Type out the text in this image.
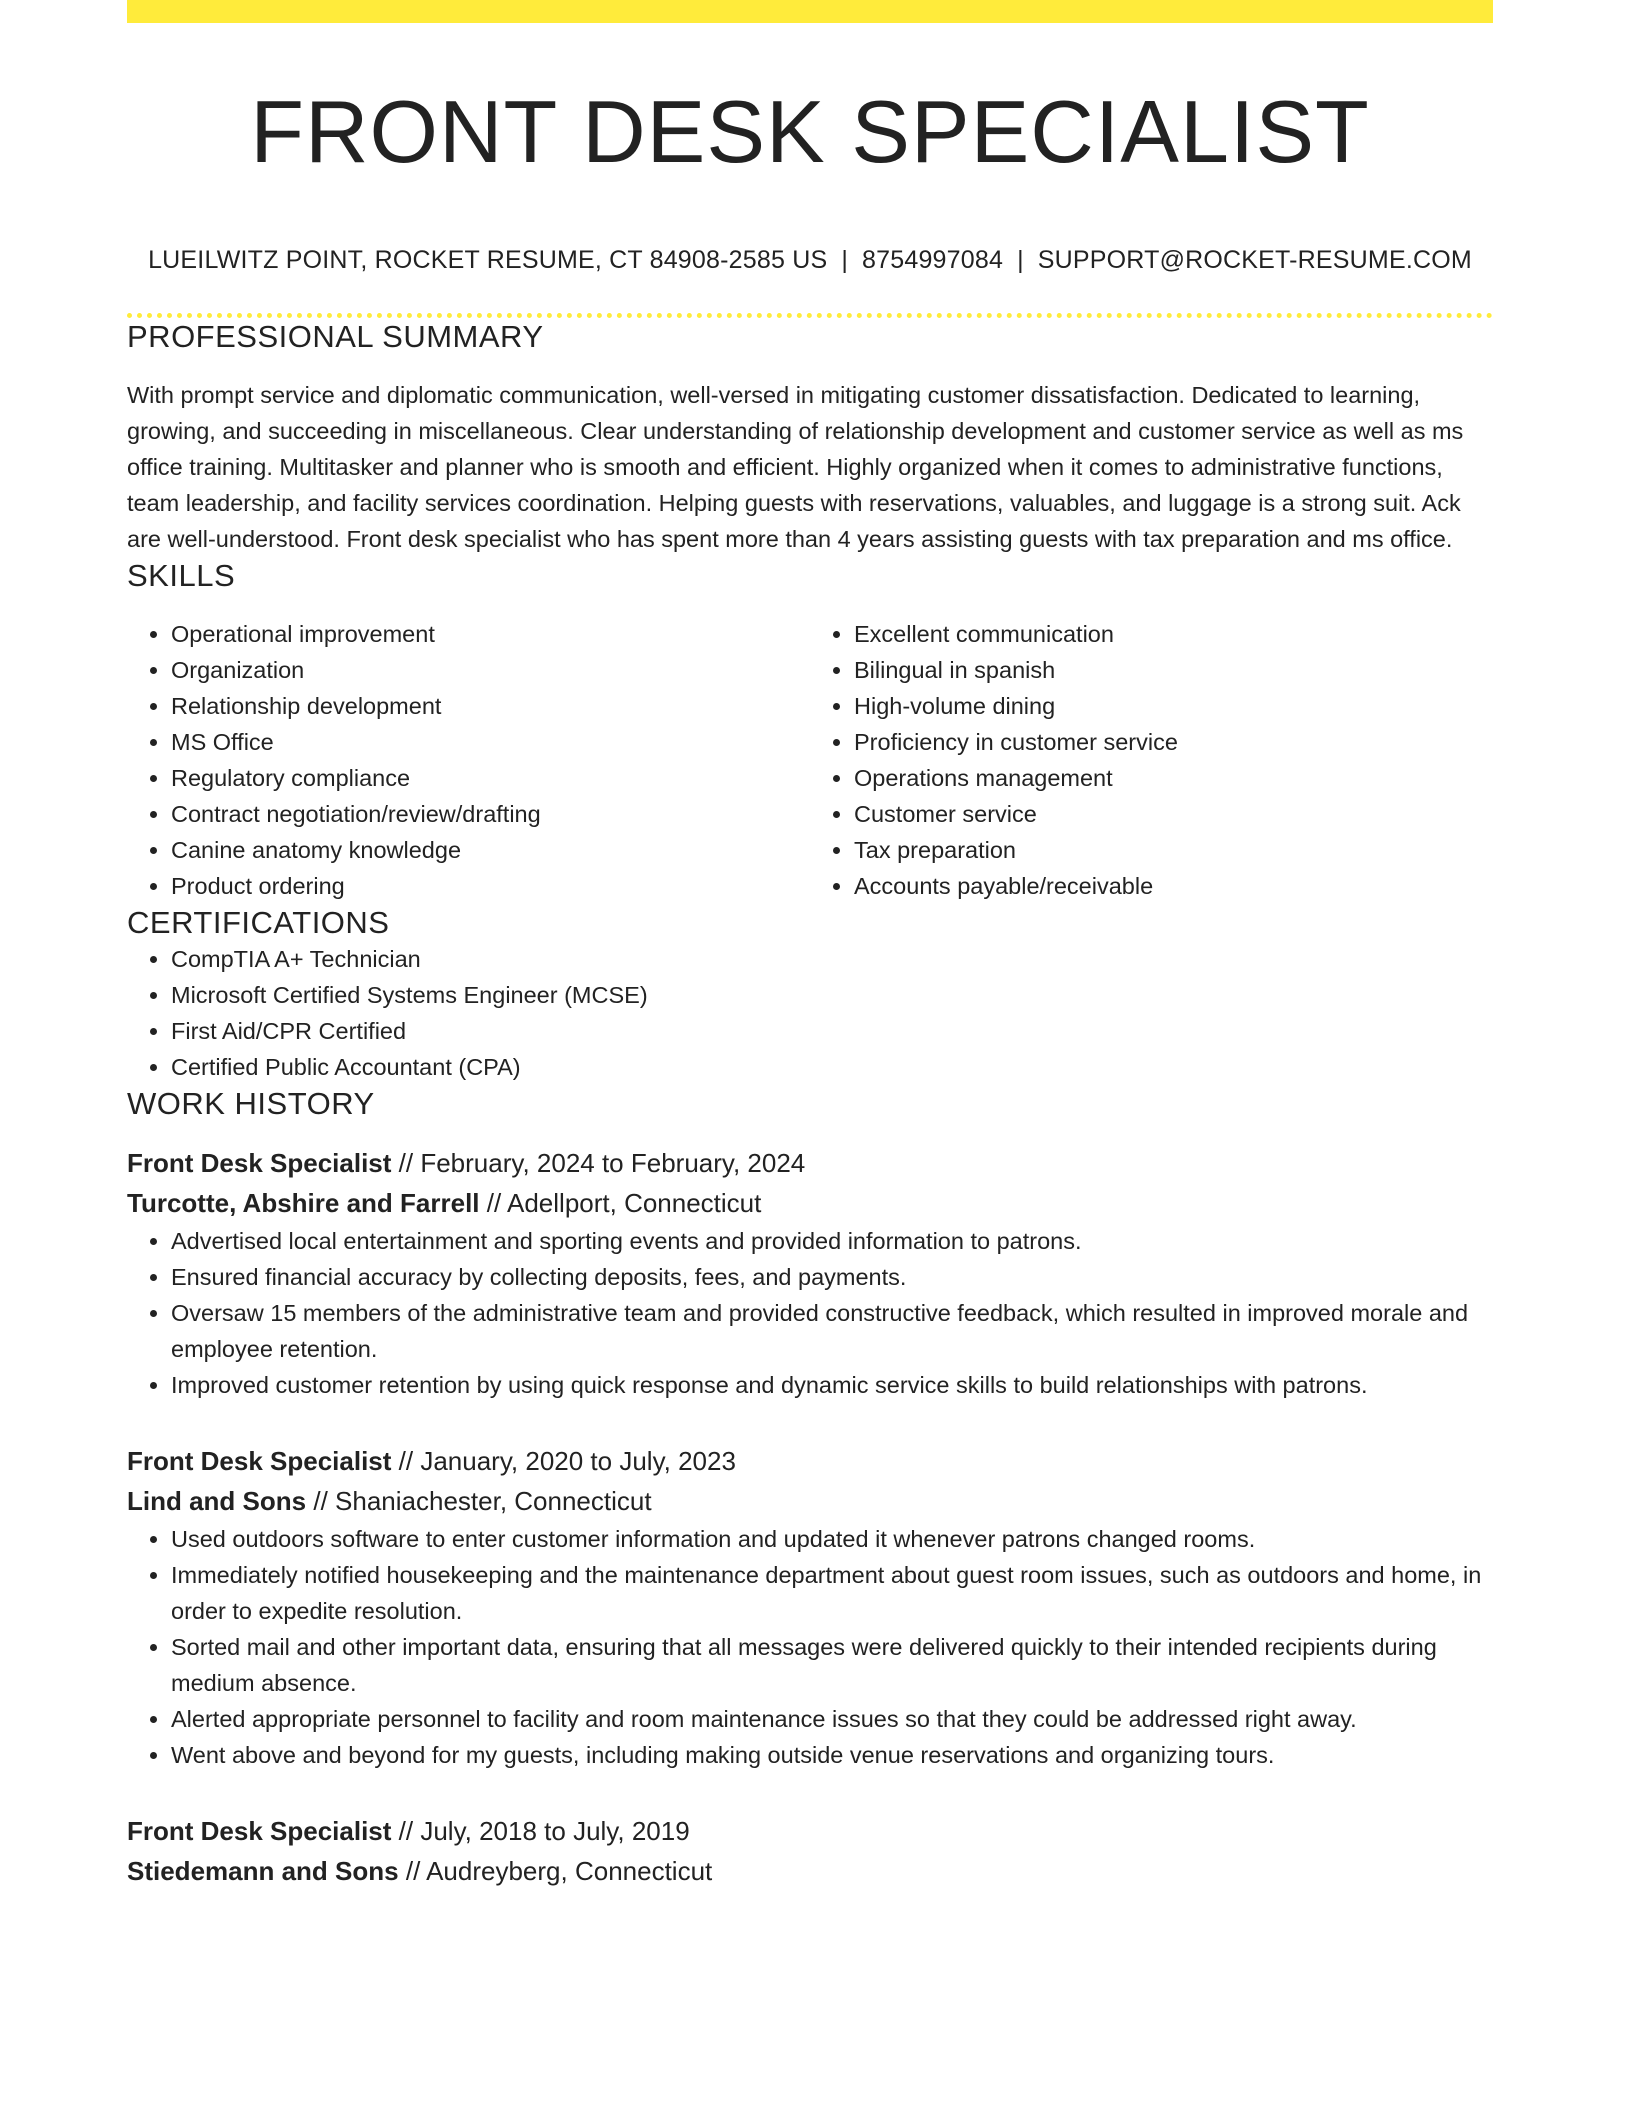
FRONT DESK SPECIALIST
LUEILWITZ POINT, ROCKET RESUME, CT 84908-2585 US | 8754997084 | SUPPORT@ROCKET-RESUME.COM
PROFESSIONAL SUMMARY

With prompt service and diplomatic communication, well-versed in mitigating customer dissatisfaction. Dedicated to learning, growing, and succeeding in miscellaneous. Clear understanding of relationship development and customer service as well as ms office training. Multitasker and planner who is smooth and efficient. Highly organized when it comes to administrative functions, team leadership, and facility services coordination. Helping guests with reservations, valuables, and luggage is a strong suit. Ack are well-understood. Front desk specialist who has spent more than 4 years assisting guests with tax preparation and ms office.

SKILLS
• Operational improvement
• Organization
• Relationship development
• MS Office
• Regulatory compliance
• Contract negotiation/review/drafting
• Canine anatomy knowledge
• Product ordering
• Excellent communication
• Bilingual in spanish
• High-volume dining
• Proficiency in customer service
• Operations management
• Customer service
• Tax preparation
• Accounts payable/receivable
CERTIFICATIONS
• CompTIA A+ Technician
• Microsoft Certified Systems Engineer (MCSE)
• First Aid/CPR Certified
• Certified Public Accountant (CPA)
WORK HISTORY
Front Desk Specialist // February, 2024 to February, 2024
Turcotte, Abshire and Farrell // Adellport, Connecticut
• Advertised local entertainment and sporting events and provided information to patrons.
• Ensured financial accuracy by collecting deposits, fees, and payments.
• Oversaw 15 members of the administrative team and provided constructive feedback, which resulted in improved morale and employee retention.
• Improved customer retention by using quick response and dynamic service skills to build relationships with patrons.
Front Desk Specialist // January, 2020 to July, 2023
Lind and Sons // Shaniachester, Connecticut
• Used outdoors software to enter customer information and updated it whenever patrons changed rooms.
• Immediately notified housekeeping and the maintenance department about guest room issues, such as outdoors and home, in order to expedite resolution.
• Sorted mail and other important data, ensuring that all messages were delivered quickly to their intended recipients during medium absence.
• Alerted appropriate personnel to facility and room maintenance issues so that they could be addressed right away.
• Went above and beyond for my guests, including making outside venue reservations and organizing tours.
Front Desk Specialist // July, 2018 to July, 2019
Stiedemann and Sons // Audreyberg, Connecticut
